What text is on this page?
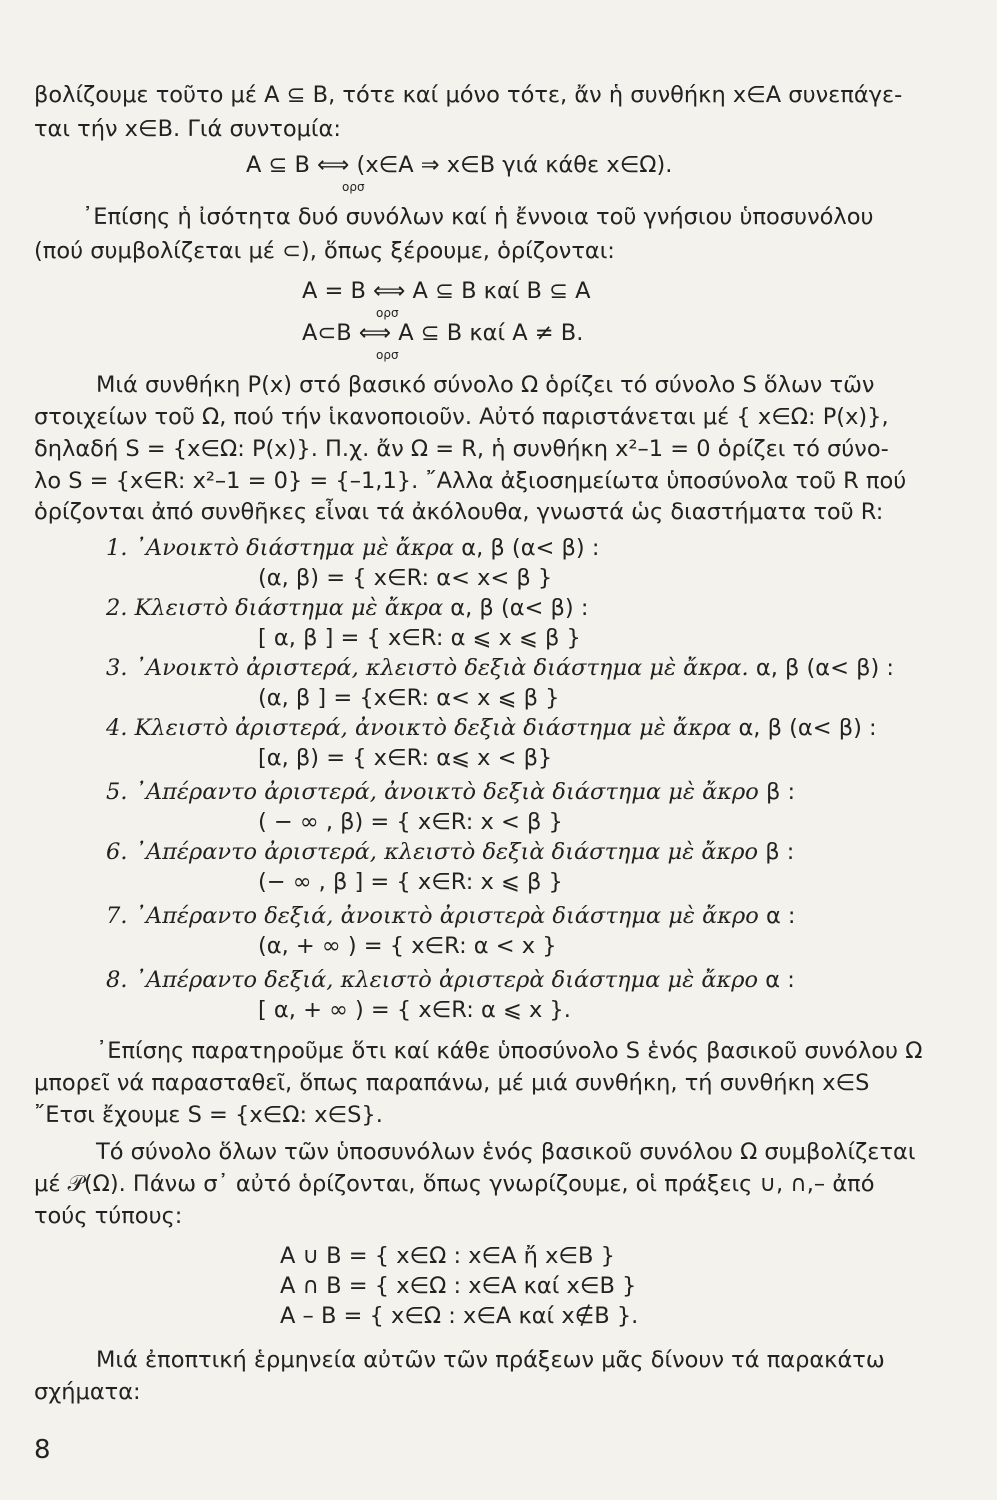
βολίζουμε τοῦτο μέ A ⊆ B, τότε καί μόνο τότε, ἄν ἡ συνθήκη x∈A συνεπάγε-
ται τήν x∈B. Γιά συντομία:
A ⊆ B ⟺ (x∈A ⇒ x∈B γιά κάθε x∈Ω).
ορσ
᾿Επίσης ἡ ἰσότητα δυό συνόλων καί ἡ ἔννοια τοῦ γνήσιου ὑποσυνόλου
(πού συμβολίζεται μέ ⊂), ὅπως ξέρουμε, ὁρίζονται:
A = B ⟺ A ⊆ B καί B ⊆ A
ορσ
A⊂B ⟺ A ⊆ B καί A ≠ B.
ορσ
Μιά συνθήκη P(x) στό βασικό σύνολο Ω ὁρίζει τό σύνολο S ὅλων τῶν
στοιχείων τοῦ Ω, πού τήν ἱκανοποιοῦν. Αὐτό παριστάνεται μέ { x∈Ω: P(x)},
δηλαδή S = {x∈Ω: P(x)}. Π.χ. ἄν Ω = R, ἡ συνθήκη x²–1 = 0 ὁρίζει τό σύνο-
λο S = {x∈R: x²–1 = 0} = {–1,1}. ῎Αλλα ἀξιοσημείωτα ὑποσύνολα τοῦ R πού
ὁρίζονται ἀπό συνθῆκες εἶναι τά ἀκόλουθα, γνωστά ὡς διαστήματα τοῦ R:
1. ᾿Ανοικτὸ διάστημα μὲ ἄκρα α, β (α< β) :
(α, β) = { x∈R: α< x< β }
2. Κλειστὸ διάστημα μὲ ἄκρα α, β (α< β) :
[ α, β ] = { x∈R: α ⩽ x ⩽ β }
3. ᾿Ανοικτὸ ἀριστερά, κλειστὸ δεξιὰ διάστημα μὲ ἄκρα. α, β (α< β) :
(α, β ] = {x∈R: α< x ⩽ β }
4. Κλειστὸ ἀριστερά, ἀνοικτὸ δεξιὰ διάστημα μὲ ἄκρα α, β (α< β) :
[α, β) = { x∈R: α⩽ x < β}
5. ᾿Απέραντο ἀριστερά, ἀνοικτὸ δεξιὰ διάστημα μὲ ἄκρο β :
( − ∞ , β) = { x∈R: x < β }
6. ᾿Απέραντο ἀριστερά, κλειστὸ δεξιὰ διάστημα μὲ ἄκρο β :
(− ∞ , β ] = { x∈R: x ⩽ β }
7. ᾿Απέραντο δεξιά, ἀνοικτὸ ἀριστερὰ διάστημα μὲ ἄκρο α :
(α, + ∞ ) = { x∈R: α < x }
8. ᾿Απέραντο δεξιά, κλειστὸ ἀριστερὰ διάστημα μὲ ἄκρο α :
[ α, + ∞ ) = { x∈R: α ⩽ x }.
᾿Επίσης παρατηροῦμε ὅτι καί κάθε ὑποσύνολο S ἑνός βασικοῦ συνόλου Ω
μπορεῖ νά παρασταθεῖ, ὅπως παραπάνω, μέ μιά συνθήκη, τή συνθήκη x∈S
῎Ετσι ἔχουμε S = {x∈Ω: x∈S}.
Τό σύνολο ὅλων τῶν ὑποσυνόλων ἑνός βασικοῦ συνόλου Ω συμβολίζεται
μέ 𝒫(Ω). Πάνω σ᾿ αὐτό ὁρίζονται, ὅπως γνωρίζουμε, οἱ πράξεις ∪, ∩,– ἀπό
τούς τύπους:
A ∪ B = { x∈Ω : x∈A ἤ x∈B }
A ∩ B = { x∈Ω : x∈A καί x∈B }
A – B = { x∈Ω : x∈A καί x∉B }.
Μιά ἐποπτική ἑρμηνεία αὐτῶν τῶν πράξεων μᾶς δίνουν τά παρακάτω
σχήματα:
8
